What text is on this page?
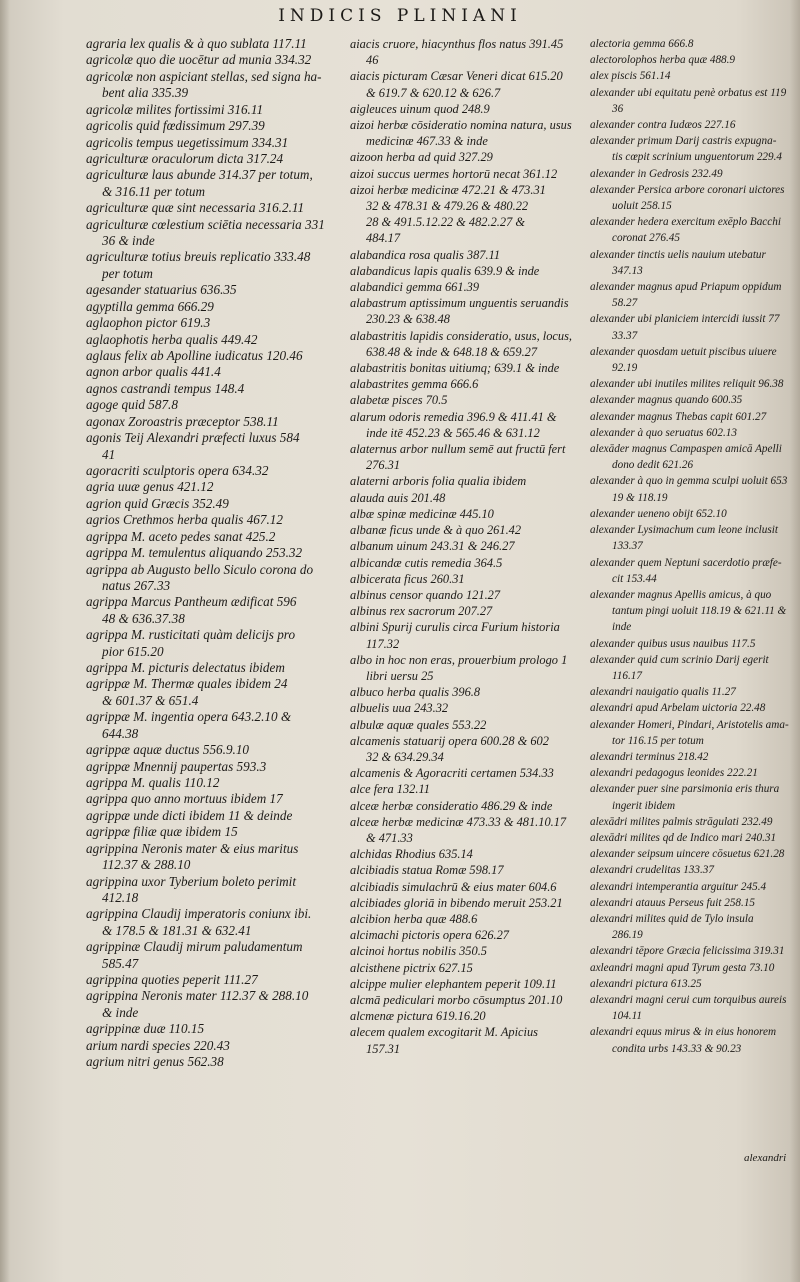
INDICIS PLINIANI
agraria lex qualis & à quo sublata 117.11
agricolæ quo die uocētur ad munia 334.32
agricolæ non aspiciant stellas, sed signa ha-
bent alia 335.39
agricolæ milites fortissimi 316.11
agricolis quid fœdissimum 297.39
agricolis tempus uegetissimum 334.31
agriculturæ oraculorum dicta 317.24
agriculturæ laus abunde 314.37 per totum,
& 316.11 per totum
agriculturæ quæ sint necessaria 316.2.11
agriculturæ cœlestium sciētia necessaria 331
36 & inde
agriculturæ totius breuis replicatio 333.48
per totum
agesander statuarius 636.35
agyptilla gemma 666.29
aglaophon pictor 619.3
aglaophotis herba qualis 449.42
aglaus felix ab Apolline iudicatus 120.46
agnon arbor qualis 441.4
agnos castrandi tempus 148.4
agoge quid 587.8
agonax Zoroastris præceptor 538.11
agonis Teij Alexandri præfecti luxus 584
41
agoracriti sculptoris opera 634.32
agria uuæ genus 421.12
agrion quid Græcis 352.49
agrios Crethmos herba qualis 467.12
agrippa M. aceto pedes sanat 425.2
agrippa M. temulentus aliquando 253.32
agrippa ab Augusto bello Siculo corona do
natus 267.33
agrippa Marcus Pantheum ædificat 596
48 & 636.37.38
agrippa M. rusticitati quàm delicijs pro
pior 615.20
agrippa M. picturis delectatus ibidem
agrippæ M. Thermæ quales ibidem 24
& 601.37 & 651.4
agrippæ M. ingentia opera 643.2.10 &
644.38
agrippæ aquæ ductus 556.9.10
agrippæ Mnennij paupertas 593.3
agrippa M. qualis 110.12
agrippa quo anno mortuus ibidem 17
agrippæ unde dicti ibidem 11 & deinde
agrippæ filiæ quæ ibidem 15
agrippina Neronis mater & eius maritus
112.37 & 288.10
agrippina uxor Tyberium boleto perimit
412.18
agrippina Claudij imperatoris coniunx ibi.
& 178.5 & 181.31 & 632.41
agrippinæ Claudij mirum paludamentum
585.47
agrippina quoties peperit 111.27
agrippina Neronis mater 112.37 & 288.10
& inde
agrippinæ duæ 110.15
arium nardi species 220.43
agrium nitri genus 562.38
aiacis cruore, hiacynthus flos natus 391.45
46
aiacis picturam Cæsar Veneri dicat 615.20
& 619.7 & 620.12 & 626.7
aigleuces uinum quod 248.9
aizoi herbæ cōsideratio nomina natura, usus
medicinæ 467.33 & inde
aizoon herba ad quid 327.29
aizoi succus uermes hortorū necat 361.12
aizoi herbæ medicinæ 472.21 & 473.31
32 & 478.31 & 479.26 & 480.22
28 & 491.5.12.22 & 482.2.27 &
484.17
alabandica rosa qualis 387.11
alabandicus lapis qualis 639.9 & inde
alabandici gemma 661.39
alabastrum aptissimum unguentis seruandis
230.23 & 638.48
alabastritis lapidis consideratio, usus, locus,
638.48 & inde & 648.18 & 659.27
alabastritis bonitas uitiumq; 639.1 & inde
alabastrites gemma 666.6
alabetæ pisces 70.5
alarum odoris remedia 396.9 & 411.41 &
inde itē 452.23 & 565.46 & 631.12
alaternus arbor nullum semē aut fructū fert
276.31
alaterni arboris folia qualia ibidem
alauda auis 201.48
albæ spinæ medicinæ 445.10
albanæ ficus unde & à quo 261.42
albanum uinum 243.31 & 246.27
albicandæ cutis remedia 364.5
albicerata ficus 260.31
albinus censor quando 121.27
albinus rex sacrorum 207.27
albini Spurij curulis circa Furium historia
117.32
albo in hoc non eras, prouerbium prologo 1
libri uersu 25
albuco herba qualis 396.8
albuelis uua 243.32
albulæ aquæ quales 553.22
alcamenis statuarij opera 600.28 & 602
32 & 634.29.34
alcamenis & Agoracriti certamen 534.33
alce fera 132.11
alceæ herbæ consideratio 486.29 & inde
alceæ herbæ medicinæ 473.33 & 481.10.17
& 471.33
alchidas Rhodius 635.14
alcibiadis statua Romæ 598.17
alcibiadis simulachrū & eius mater 604.6
alcibiades gloriā in bibendo meruit 253.21
alcibion herba quæ 488.6
alcimachi pictoris opera 626.27
alcinoi hortus nobilis 350.5
alcisthene pictrix 627.15
alcippe mulier elephantem peperit 109.11
alcmā pediculari morbo cōsumptus 201.10
alcmenæ pictura 619.16.20
alecem qualem excogitarit M. Apicius
157.31
alectoria gemma 666.8
alectorolophos herba quæ 488.9
alex piscis 561.14
alexander ubi equitatu penè orbatus est 119
36
alexander contra Iudæos 227.16
alexander primum Darij castris expugna-
tis cœpit scrinium unguentorum 229.4
alexander in Gedrosis 232.49
alexander Persica arbore coronari uictores
uoluit 258.15
alexander hedera exercitum exēplo Bacchi
coronat 276.45
alexander tinctis uelis nauium utebatur
347.13
alexander magnus apud Priapum oppidum
58.27
alexander ubi planiciem intercidi iussit 77
33.37
alexander quosdam uetuit piscibus uiuere
92.19
alexander ubi inutiles milites reliquit 96.38
alexander magnus quando 600.35
alexander magnus Thebas capit 601.27
alexander à quo seruatus 602.13
alexāder magnus Campaspen amicā Apelli
dono dedit 621.26
alexander à quo in gemma sculpi uoluit 653
19 & 118.19
alexander ueneno obijt 652.10
alexander Lysimachum cum leone inclusit
133.37
alexander quem Neptuni sacerdotio præfe-
cit 153.44
alexander magnus Apellis amicus, à quo
tantum pingi uoluit 118.19 & 621.11 &
inde
alexander quibus usus nauibus 117.5
alexander quid cum scrinio Darij egerit
116.17
alexandri nauigatio qualis 11.27
alexandri apud Arbelam uictoria 22.48
alexander Homeri, Pindari, Aristotelis ama-
tor 116.15 per totum
alexandri terminus 218.42
alexandri pedagogus leonides 222.21
alexander puer sine parsimonia eris thura
ingerit ibidem
alexādri milites palmis strāgulati 232.49
alexādri milites qd de Indico mari 240.31
alexander seipsum uincere cōsuetus 621.28
alexandri crudelitas 133.37
alexandri intemperantia arguitur 245.4
alexandri atauus Perseus fuit 258.15
alexandri milites quid de Tylo insula
286.19
alexandri tēpore Græcia felicissima 319.31
axleandri magni apud Tyrum gesta 73.10
alexandri pictura 613.25
alexandri magni cerui cum torquibus aureis
104.11
alexandri equus mirus & in eius honorem
condita urbs 143.33 & 90.23
alexandri
